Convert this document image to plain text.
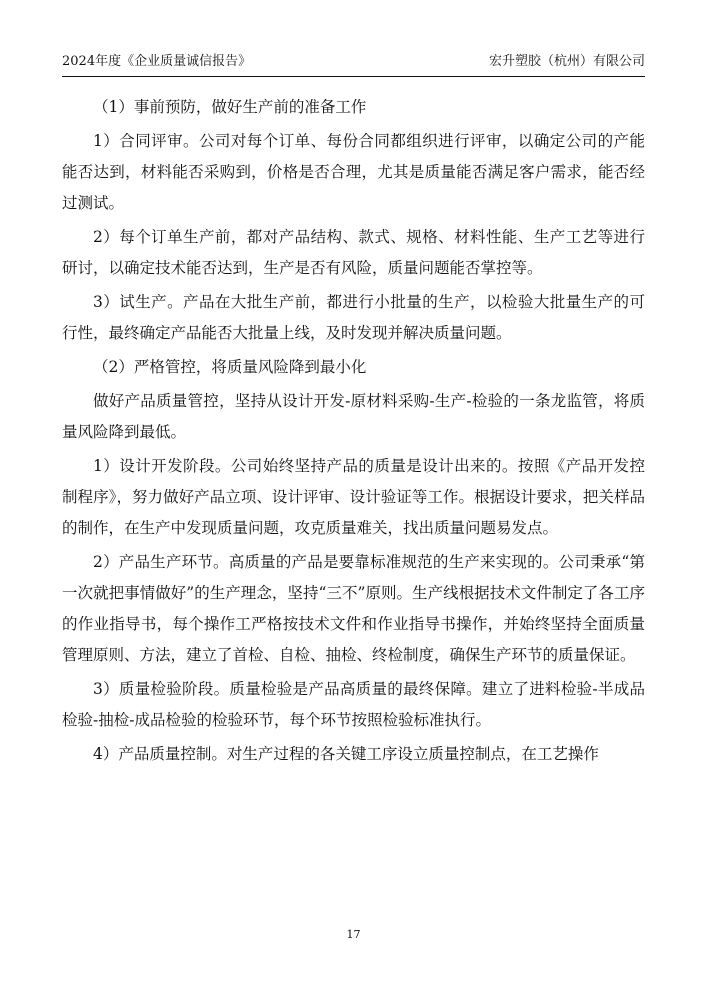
2024年度《企业质量诚信报告》	宏升塑胶（杭州）有限公司

（1）事前预防，做好生产前的准备工作

1）合同评审。公司对每个订单、每份合同都组织进行评审，以确定公司的产能能否达到，材料能否采购到，价格是否合理，尤其是质量能否满足客户需求，能否经过测试。

2）每个订单生产前，都对产品结构、款式、规格、材料性能、生产工艺等进行研讨，以确定技术能否达到，生产是否有风险，质量问题能否掌控等。

3）试生产。产品在大批生产前，都进行小批量的生产，以检验大批量生产的可行性，最终确定产品能否大批量上线，及时发现并解决质量问题。

（2）严格管控，将质量风险降到最小化

做好产品质量管控，坚持从设计开发-原材料采购-生产-检验的一条龙监管，将质量风险降到最低。

1）设计开发阶段。公司始终坚持产品的质量是设计出来的。按照《产品开发控制程序》，努力做好产品立项、设计评审、设计验证等工作。根据设计要求，把关样品的制作，在生产中发现质量问题，攻克质量难关，找出质量问题易发点。

2）产品生产环节。高质量的产品是要靠标准规范的生产来实现的。公司秉承“第一次就把事情做好”的生产理念，坚持“三不”原则。生产线根据技术文件制定了各工序的作业指导书，每个操作工严格按技术文件和作业指导书操作，并始终坚持全面质量管理原则、方法，建立了首检、自检、抽检、终检制度，确保生产环节的质量保证。

3）质量检验阶段。质量检验是产品高质量的最终保障。建立了进料检验-半成品检验-抽检-成品检验的检验环节，每个环节按照检验标准执行。

4）产品质量控制。对生产过程的各关键工序设立质量控制点，在工艺操作

17
